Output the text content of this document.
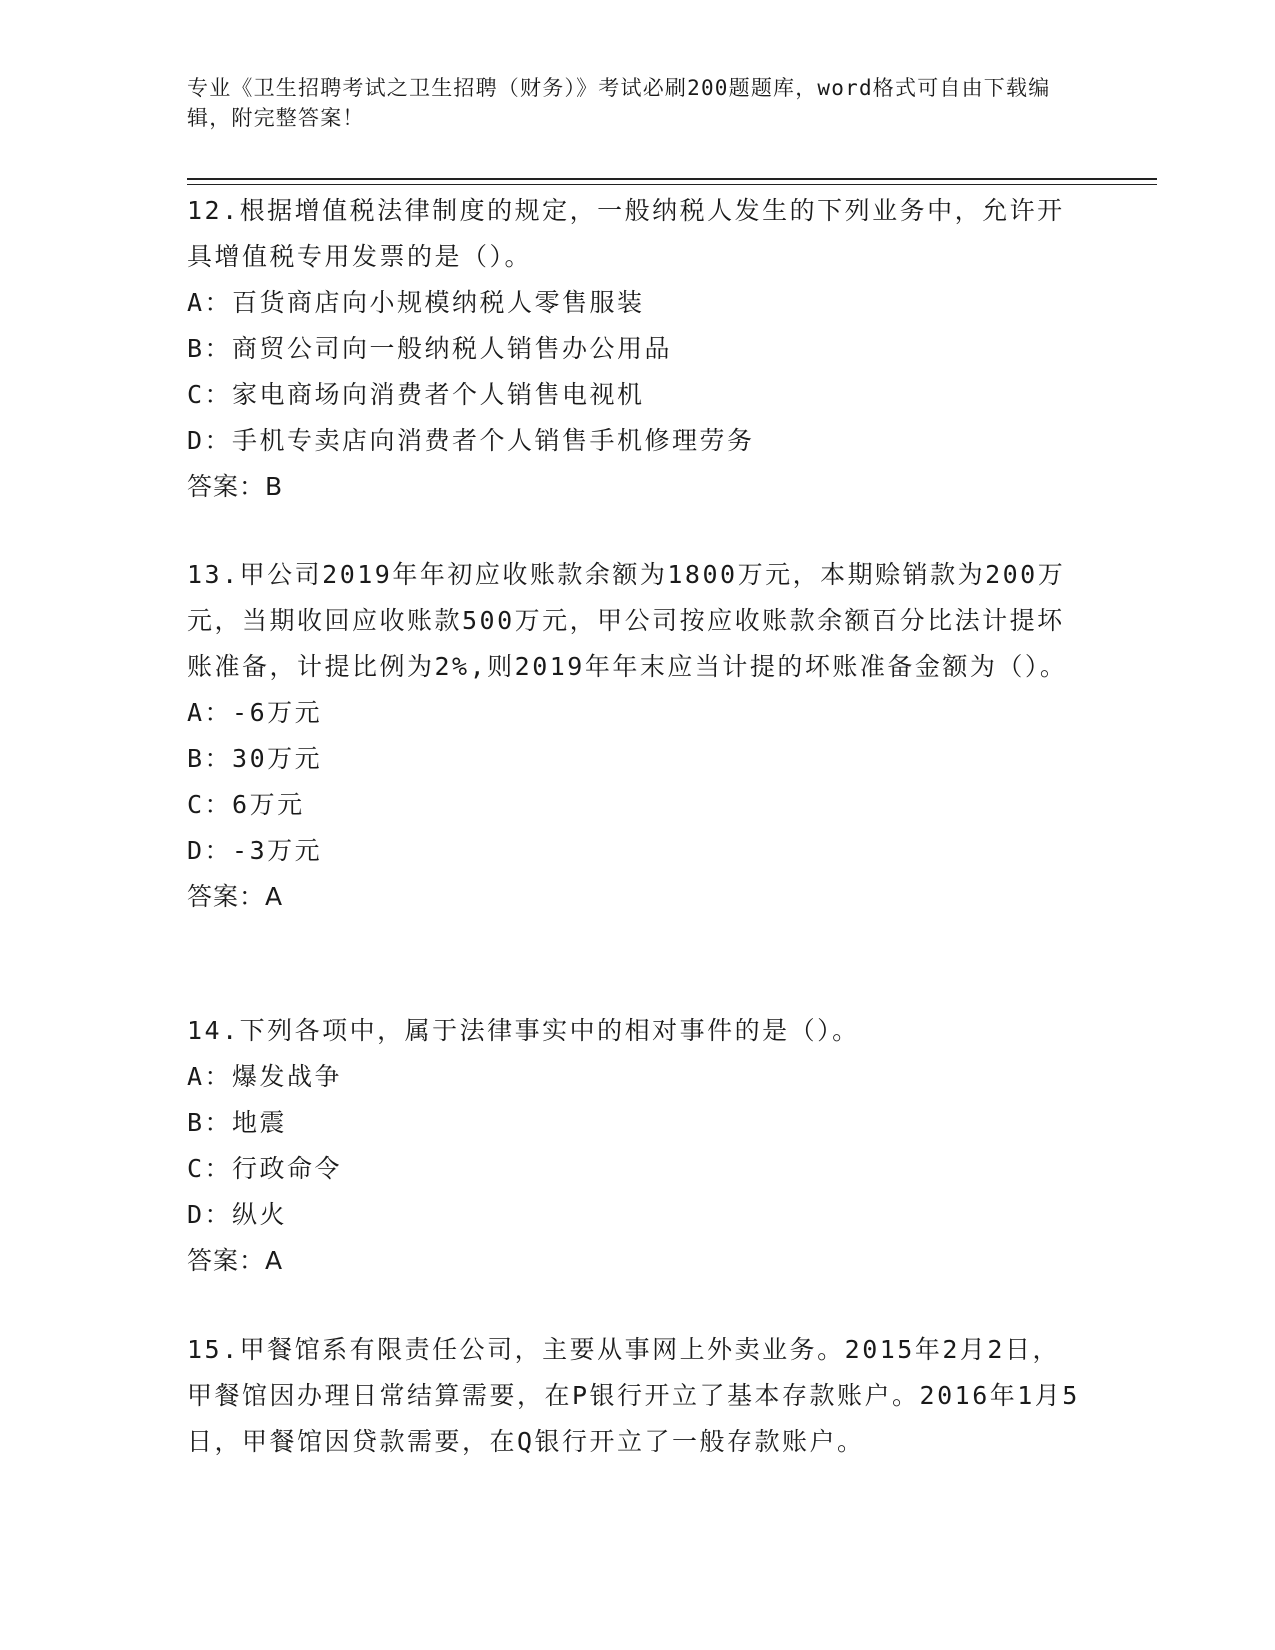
专业《卫生招聘考试之卫生招聘（财务）》考试必刷200题题库，word格式可自由下载编辑，附完整答案！

12.根据增值税法律制度的规定，一般纳税人发生的下列业务中，允许开具增值税专用发票的是（）。

A：百货商店向小规模纳税人零售服装

B：商贸公司向一般纳税人销售办公用品

C：家电商场向消费者个人销售电视机

D：手机专卖店向消费者个人销售手机修理劳务

答案：B

13.甲公司2019年年初应收账款余额为1800万元，本期赊销款为200万元，当期收回应收账款500万元，甲公司按应收账款余额百分比法计提坏账准备，计提比例为2%,则2019年年末应当计提的坏账准备金额为（）。

A：-6万元

B：30万元

C：6万元

D：-3万元

答案：A

14.下列各项中，属于法律事实中的相对事件的是（）。

A：爆发战争

B：地震

C：行政命令

D：纵火

答案：A

15.甲餐馆系有限责任公司，主要从事网上外卖业务。2015年2月2日，甲餐馆因办理日常结算需要，在P银行开立了基本存款账户。2016年1月5日，甲餐馆因贷款需要，在Q银行开立了一般存款账户。
